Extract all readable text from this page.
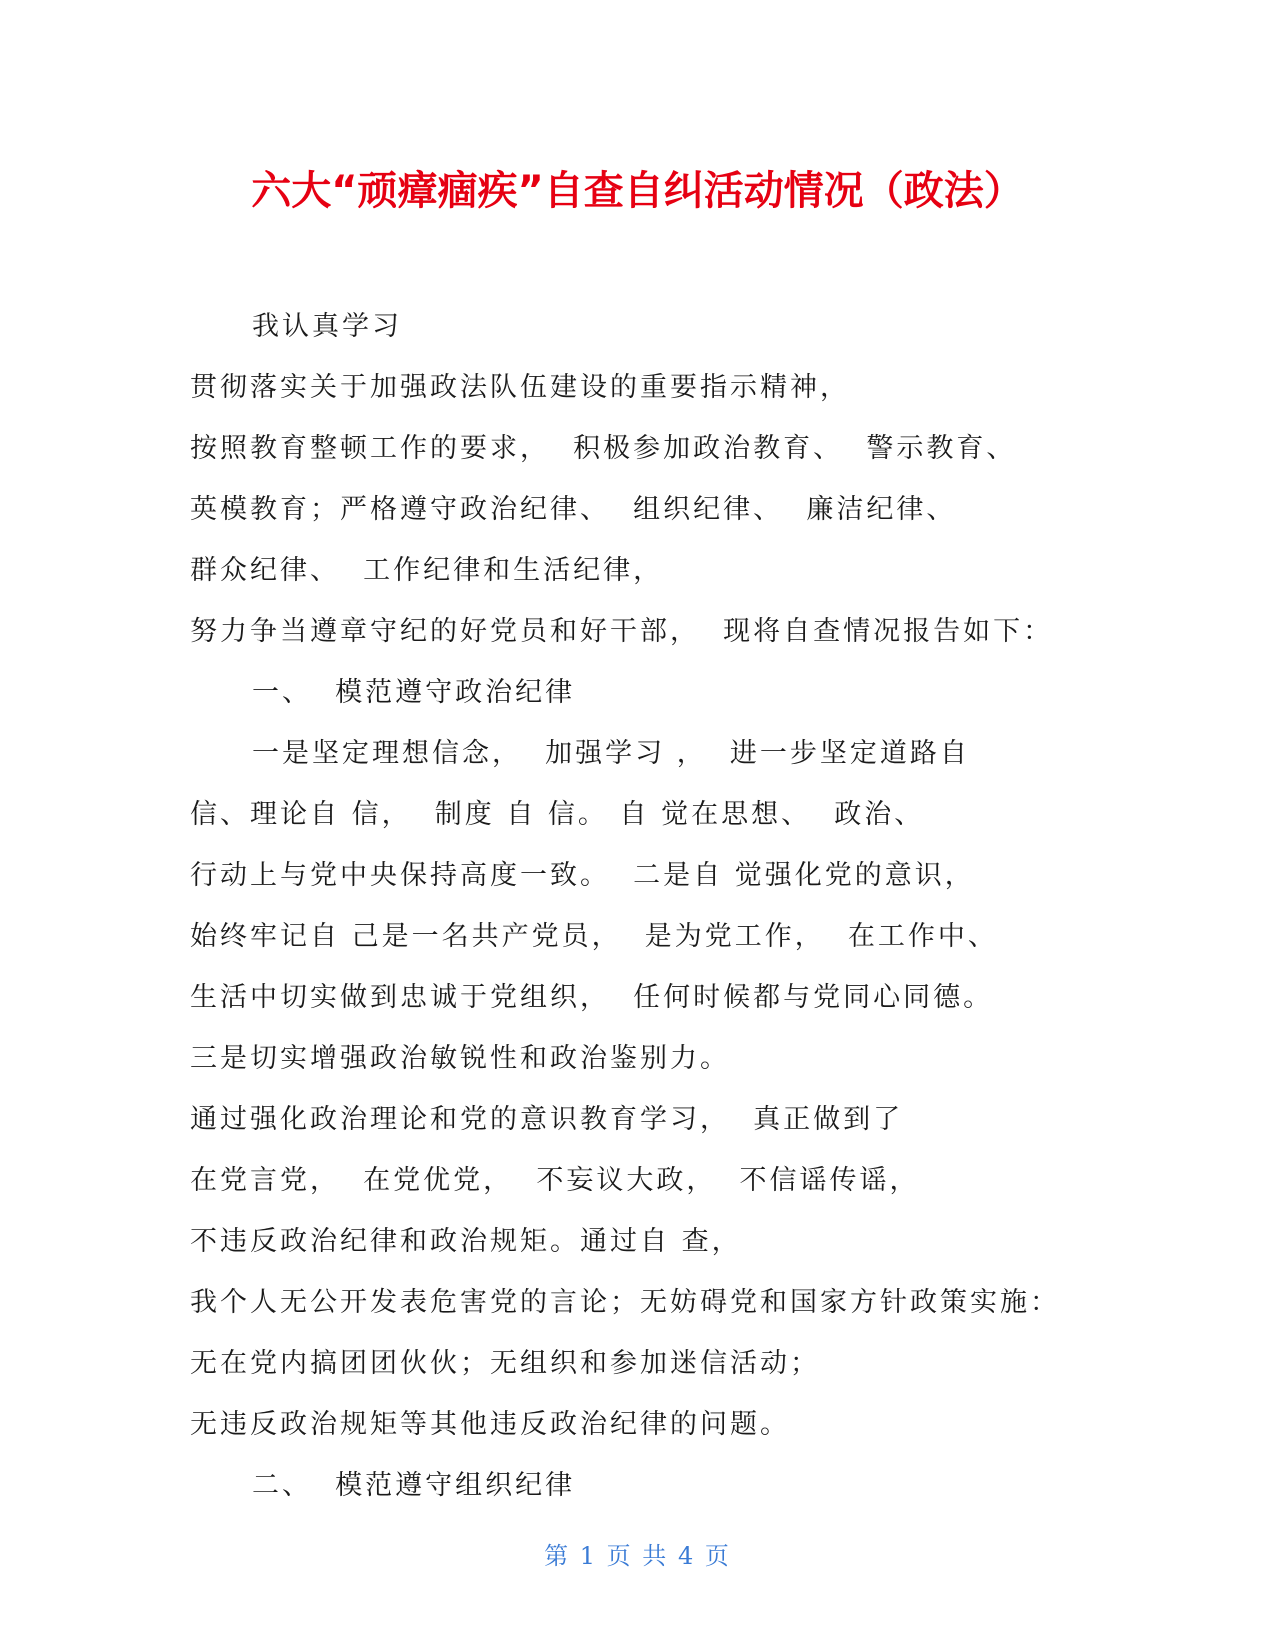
六大“顽瘴痼疾”自查自纠活动情况（政法）

我认真学习

贯彻落实关于加强政法队伍建设的重要指示精神，

按照教育整顿工作的要求，  积极参加政治教育、  警示教育、

英模教育；严格遵守政治纪律、  组织纪律、  廉洁纪律、

群众纪律、  工作纪律和生活纪律，

努力争当遵章守纪的好党员和好干部，  现将自查情况报告如下：

一、  模范遵守政治纪律

一是坚定理想信念，  加强学习 ，  进一步坚定道路自

信、理论自 信，  制度 自 信。 自 觉在思想、  政治、

行动上与党中央保持高度一致。  二是自 觉强化党的意识，

始终牢记自 己是一名共产党员，  是为党工作，  在工作中、

生活中切实做到忠诚于党组织，  任何时候都与党同心同德。

三是切实增强政治敏锐性和政治鉴别力。

通过强化政治理论和党的意识教育学习，  真正做到了

在党言党，  在党优党，  不妄议大政，  不信谣传谣，

不违反政治纪律和政治规矩。通过自 查，

我个人无公开发表危害党的言论；无妨碍党和国家方针政策实施：

无在党内搞团团伙伙；无组织和参加迷信活动；

无违反政治规矩等其他违反政治纪律的问题。

二、  模范遵守组织纪律

第 1 页 共 4 页
